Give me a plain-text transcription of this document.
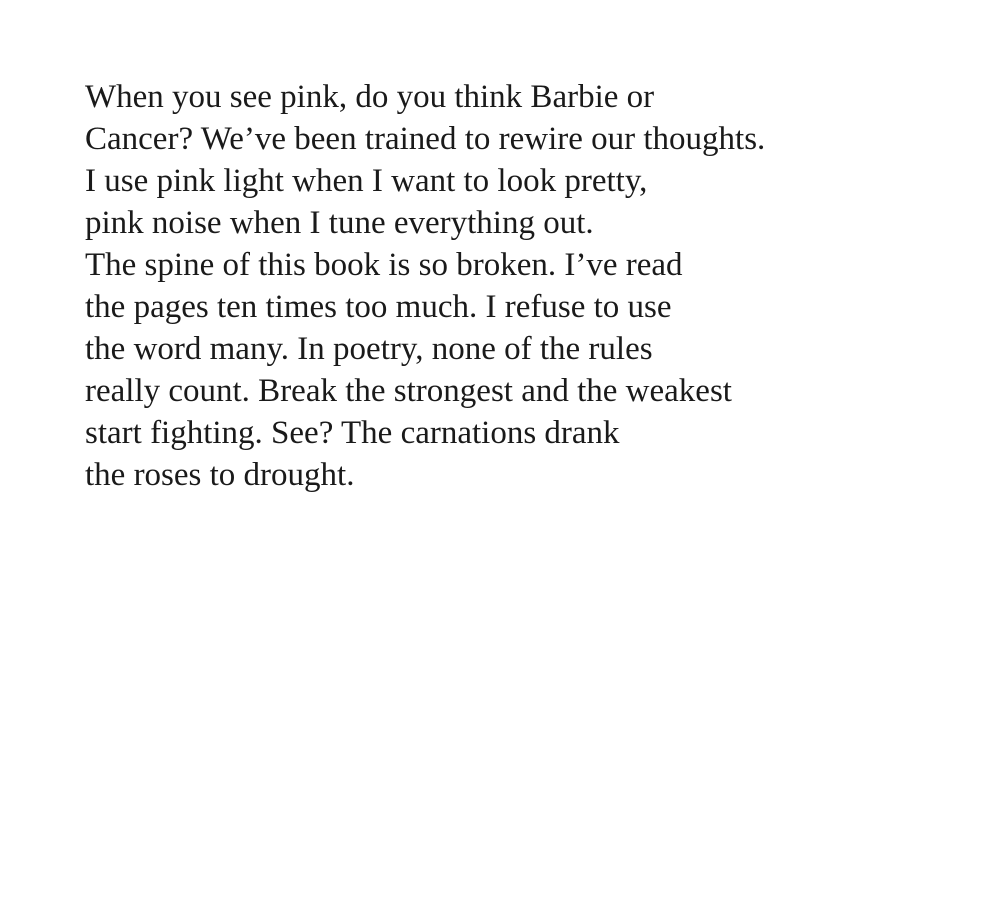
When you see pink, do you think Barbie or
Cancer? We’ve been trained to rewire our thoughts.
I use pink light when I want to look pretty,
pink noise when I tune everything out.
The spine of this book is so broken. I’ve read
the pages ten times too much. I refuse to use
the word many. In poetry, none of the rules
really count. Break the strongest and the weakest
start fighting. See? The carnations drank
the roses to drought.
